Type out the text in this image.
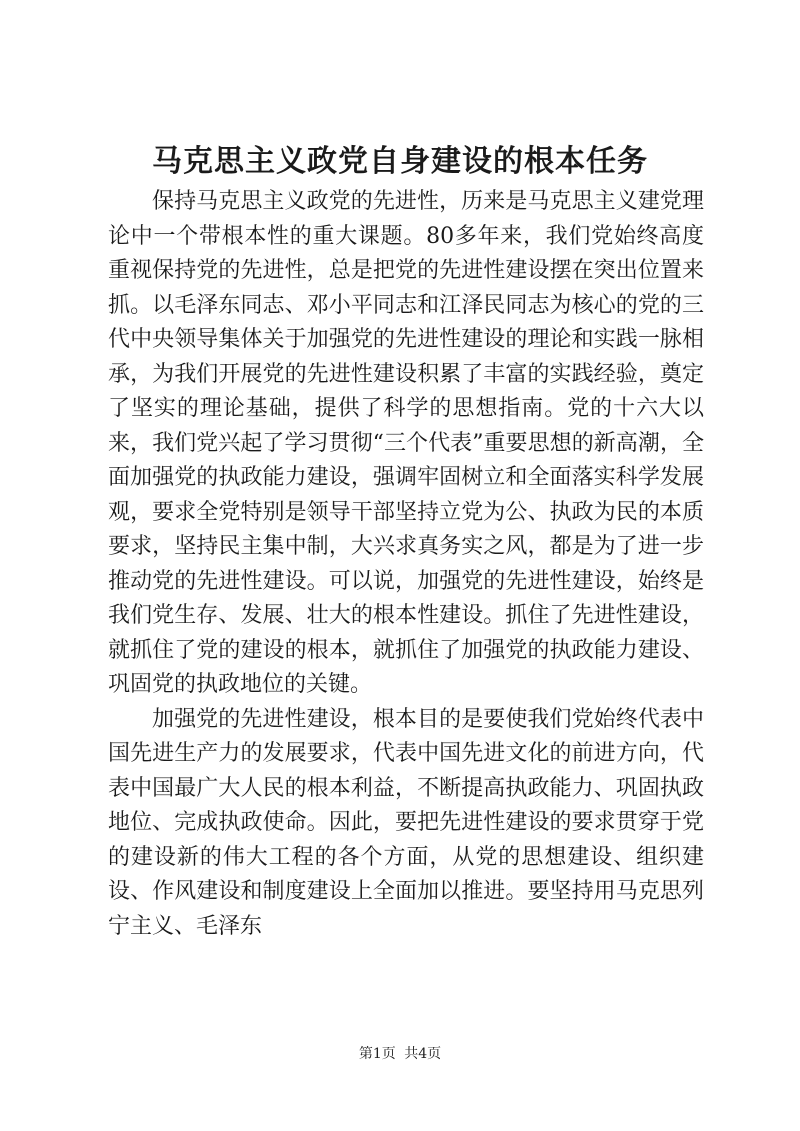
马克思主义政党自身建设的根本任务

保持马克思主义政党的先进性，历来是马克思主义建党理论中一个带根本性的重大课题。80多年来，我们党始终高度重视保持党的先进性，总是把党的先进性建设摆在突出位置来抓。以毛泽东同志、邓小平同志和江泽民同志为核心的党的三代中央领导集体关于加强党的先进性建设的理论和实践一脉相承，为我们开展党的先进性建设积累了丰富的实践经验，奠定了坚实的理论基础，提供了科学的思想指南。党的十六大以来，我们党兴起了学习贯彻“三个代表”重要思想的新高潮，全面加强党的执政能力建设，强调牢固树立和全面落实科学发展观，要求全党特别是领导干部坚持立党为公、执政为民的本质要求，坚持民主集中制，大兴求真务实之风，都是为了进一步推动党的先进性建设。可以说，加强党的先进性建设，始终是我们党生存、发展、壮大的根本性建设。抓住了先进性建设，就抓住了党的建设的根本，就抓住了加强党的执政能力建设、巩固党的执政地位的关键。

加强党的先进性建设，根本目的是要使我们党始终代表中国先进生产力的发展要求，代表中国先进文化的前进方向，代表中国最广大人民的根本利益，不断提高执政能力、巩固执政地位、完成执政使命。因此，要把先进性建设的要求贯穿于党的建设新的伟大工程的各个方面，从党的思想建设、组织建设、作风建设和制度建设上全面加以推进。要坚持用马克思列宁主义、毛泽东

第1页 共4页
